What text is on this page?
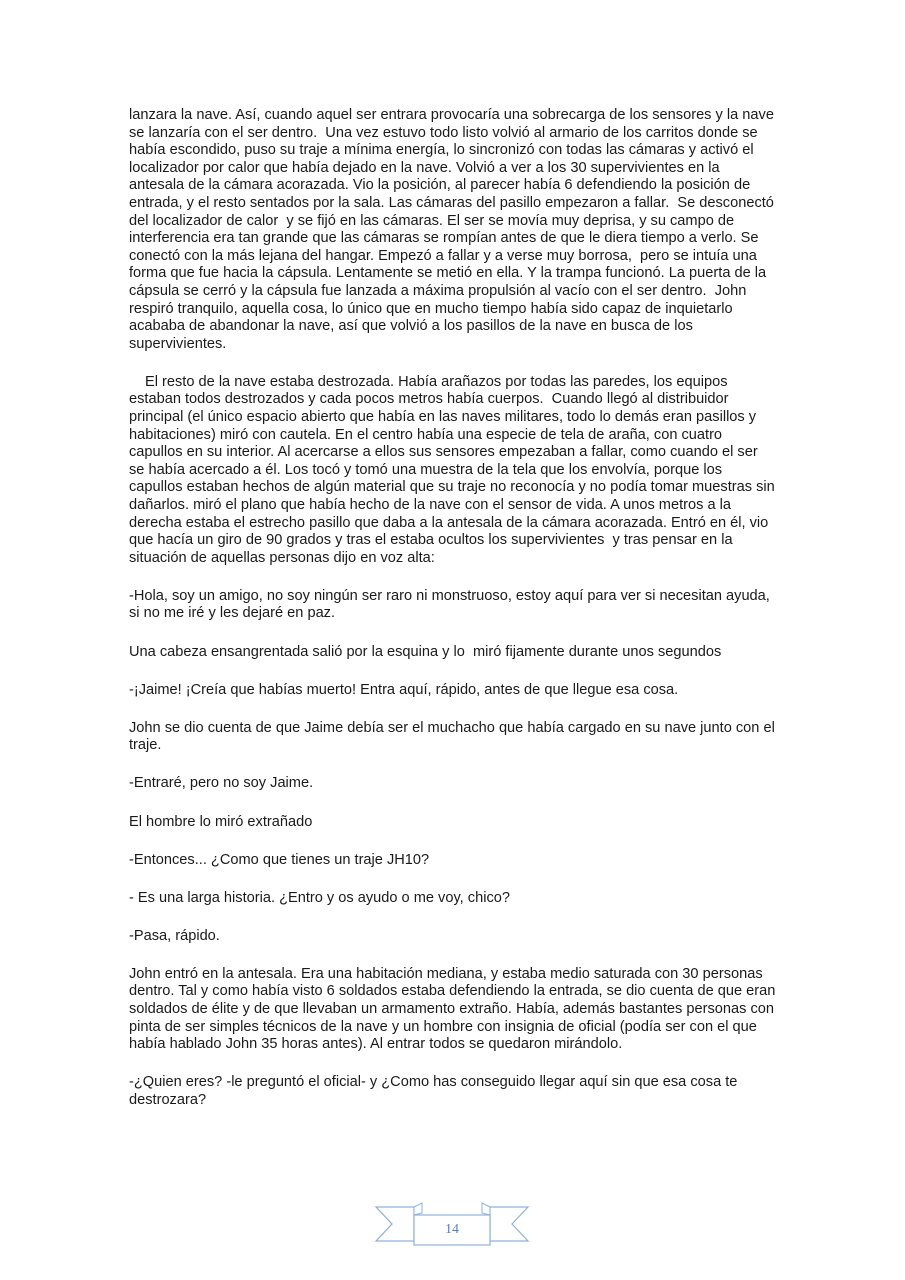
lanzara la nave. Así, cuando aquel ser entrara provocaría una sobrecarga de los sensores y la nave se lanzaría con el ser dentro.  Una vez estuvo todo listo volvió al armario de los carritos donde se había escondido, puso su traje a mínima energía, lo sincronizó con todas las cámaras y activó el localizador por calor que había dejado en la nave. Volvió a ver a los 30 supervivientes en la antesala de la cámara acorazada. Vio la posición, al parecer había 6 defendiendo la posición de entrada, y el resto sentados por la sala. Las cámaras del pasillo empezaron a fallar.  Se desconectó del localizador de calor  y se fijó en las cámaras. El ser se movía muy deprisa, y su campo de interferencia era tan grande que las cámaras se rompían antes de que le diera tiempo a verlo. Se conectó con la más lejana del hangar. Empezó a fallar y a verse muy borrosa,  pero se intuía una forma que fue hacia la cápsula. Lentamente se metió en ella. Y la trampa funcionó. La puerta de la cápsula se cerró y la cápsula fue lanzada a máxima propulsión al vacío con el ser dentro.  John respiró tranquilo, aquella cosa, lo único que en mucho tiempo había sido capaz de inquietarlo acababa de abandonar la nave, así que volvió a los pasillos de la nave en busca de los supervivientes.

El resto de la nave estaba destrozada. Había arañazos por todas las paredes, los equipos estaban todos destrozados y cada pocos metros había cuerpos.  Cuando llegó al distribuidor principal (el único espacio abierto que había en las naves militares, todo lo demás eran pasillos y habitaciones) miró con cautela. En el centro había una especie de tela de araña, con cuatro capullos en su interior. Al acercarse a ellos sus sensores empezaban a fallar, como cuando el ser se había acercado a él. Los tocó y tomó una muestra de la tela que los envolvía, porque los capullos estaban hechos de algún material que su traje no reconocía y no podía tomar muestras sin dañarlos. miró el plano que había hecho de la nave con el sensor de vida. A unos metros a la derecha estaba el estrecho pasillo que daba a la antesala de la cámara acorazada. Entró en él, vio que hacía un giro de 90 grados y tras el estaba ocultos los supervivientes  y tras pensar en la situación de aquellas personas dijo en voz alta:

-Hola, soy un amigo, no soy ningún ser raro ni monstruoso, estoy aquí para ver si necesitan ayuda, si no me iré y les dejaré en paz.

Una cabeza ensangrentada salió por la esquina y lo  miró fijamente durante unos segundos

-¡Jaime! ¡Creía que habías muerto! Entra aquí, rápido, antes de que llegue esa cosa.

John se dio cuenta de que Jaime debía ser el muchacho que había cargado en su nave junto con el traje.

-Entraré, pero no soy Jaime.

El hombre lo miró extrañado

-Entonces... ¿Como que tienes un traje JH10?

- Es una larga historia. ¿Entro y os ayudo o me voy, chico?

-Pasa, rápido.

John entró en la antesala. Era una habitación mediana, y estaba medio saturada con 30 personas dentro. Tal y como había visto 6 soldados estaba defendiendo la entrada, se dio cuenta de que eran soldados de élite y de que llevaban un armamento extraño. Había, además bastantes personas con pinta de ser simples técnicos de la nave y un hombre con insignia de oficial (podía ser con el que había hablado John 35 horas antes). Al entrar todos se quedaron mirándolo.

-¿Quien eres? -le preguntó el oficial- y ¿Como has conseguido llegar aquí sin que esa cosa te destrozara?

14
